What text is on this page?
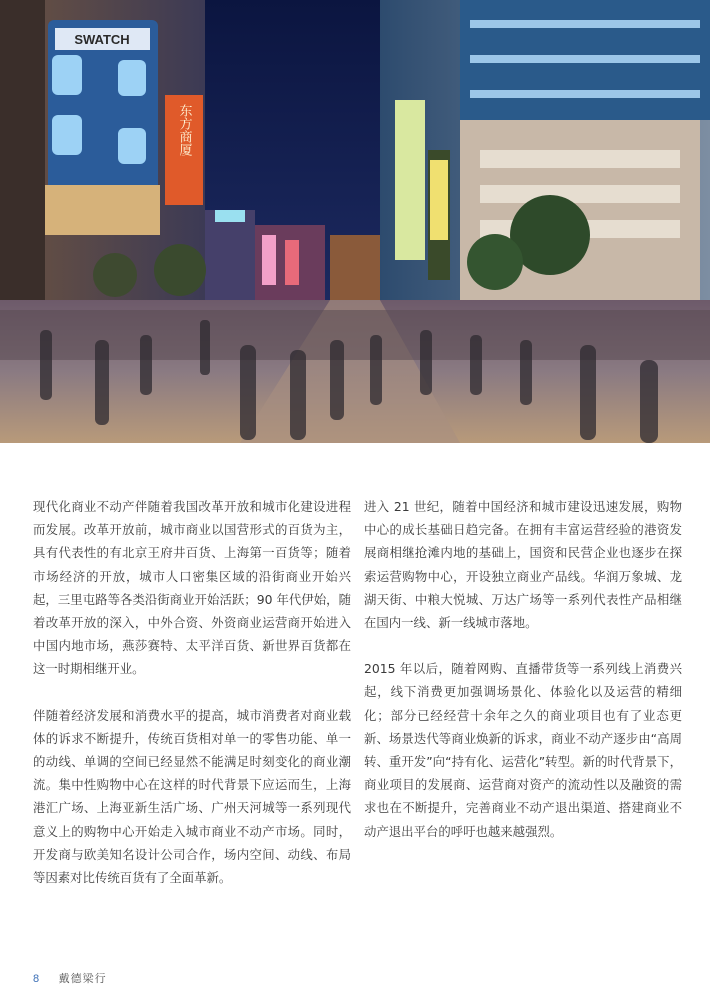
SWATCH
东方商厦

现代化商业不动产伴随着我国改革开放和城市化建设进程而发展。改革开放前，城市商业以国营形式的百货为主，具有代表性的有北京王府井百货、上海第一百货等；随着市场经济的开放，城市人口密集区域的沿街商业开始兴起，三里屯路等各类沿街商业开始活跃；90 年代伊始，随着改革开放的深入，中外合资、外资商业运营商开始进入中国内地市场，燕莎赛特、太平洋百货、新世界百货都在这一时期相继开业。

伴随着经济发展和消费水平的提高，城市消费者对商业载体的诉求不断提升，传统百货相对单一的零售功能、单一的动线、单调的空间已经显然不能满足时刻变化的商业潮流。集中性购物中心在这样的时代背景下应运而生，上海港汇广场、上海亚新生活广场、广州天河城等一系列现代意义上的购物中心开始走入城市商业不动产市场。同时，开发商与欧美知名设计公司合作，场内空间、动线、布局等因素对比传统百货有了全面革新。

进入 21 世纪，随着中国经济和城市建设迅速发展，购物中心的成长基础日趋完备。在拥有丰富运营经验的港资发展商相继抢滩内地的基础上，国资和民营企业也逐步在探索运营购物中心，开设独立商业产品线。华润万象城、龙湖天街、中粮大悦城、万达广场等一系列代表性产品相继在国内一线、新一线城市落地。

2015 年以后，随着网购、直播带货等一系列线上消费兴起，线下消费更加强调场景化、体验化以及运营的精细化；部分已经经营十余年之久的商业项目也有了业态更新、场景迭代等商业焕新的诉求，商业不动产逐步由“高周转、重开发”向“持有化、运营化”转型。新的时代背景下，商业项目的发展商、运营商对资产的流动性以及融资的需求也在不断提升，完善商业不动产退出渠道、搭建商业不动产退出平台的呼吁也越来越强烈。

8 戴德梁行
